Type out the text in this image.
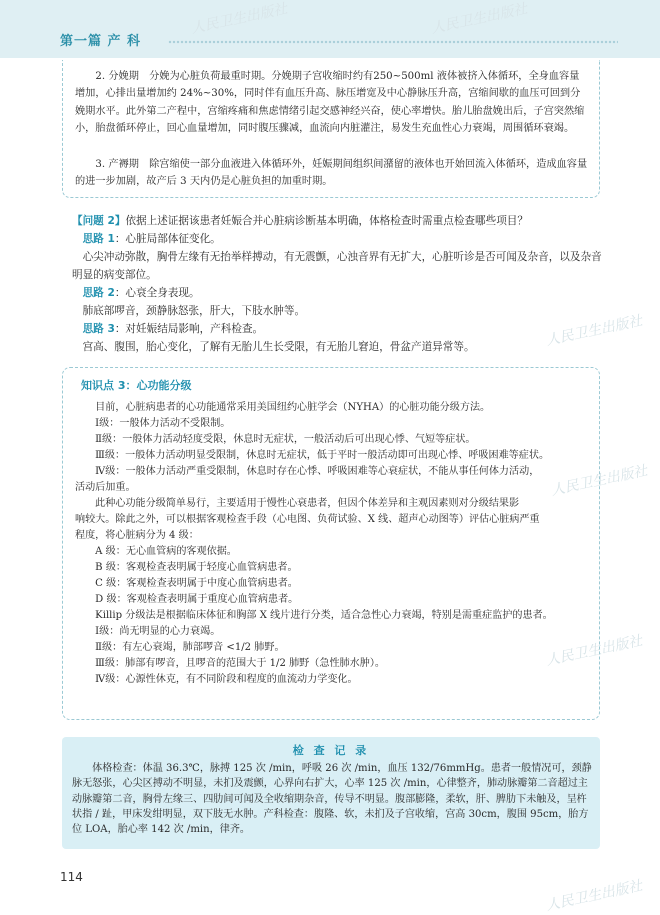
第一篇 产 科
人民卫生出版社	人民卫生出版社
人民卫生出版社
人民卫生出版社
人民卫生出版社
人民卫生出版社

2. 分娩期　分娩为心脏负荷最重时期。分娩期子宫收缩时约有250~500ml 液体被挤入体循环，全身血容量增加，心排出量增加约 24%~30%，同时伴有血压升高、脉压增宽及中心静脉压升高，宫缩间歇的血压可回到分娩期水平。此外第二产程中，宫缩疼痛和焦虑情绪引起交感神经兴奋，使心率增快。胎儿胎盘娩出后，子宫突然缩小，胎盘循环停止，回心血量增加，同时腹压骤减，血流向内脏灌注，易发生充血性心力衰竭，周围循环衰竭。

3. 产褥期　除宫缩使一部分血液进入体循环外，妊娠期间组织间潴留的液体也开始回流入体循环，造成血容量的进一步加剧，故产后 3 天内仍是心脏负担的加重时期。

【问题 2】依据上述证据该患者妊娠合并心脏病诊断基本明确，体格检查时需重点检查哪些项目？

思路 1：心脏局部体征变化。

心尖冲动弥散，胸骨左缘有无抬举样搏动，有无震颤，心浊音界有无扩大，心脏听诊是否可闻及杂音，以及杂音明显的病变部位。

思路 2：心衰全身表现。

肺底部啰音，颈静脉怒张，肝大，下肢水肿等。

思路 3：对妊娠结局影响，产科检查。

宫高、腹围，胎心变化，了解有无胎儿生长受限，有无胎儿窘迫，骨盆产道异常等。

知识点 3：心功能分级

　　目前，心脏病患者的心功能通常采用美国纽约心脏学会（NYHA）的心脏功能分级方法。

　　Ⅰ级：一般体力活动不受限制。

　　Ⅱ级：一般体力活动轻度受限，休息时无症状，一般活动后可出现心悸、气短等症状。

　　Ⅲ级：一般体力活动明显受限制，休息时无症状，低于平时一般活动即可出现心悸、呼吸困难等症状。

　　Ⅳ级：一般体力活动严重受限制，休息时存在心悸、呼吸困难等心衰症状，不能从事任何体力活动，

活动后加重。

　　此种心功能分级简单易行，主要适用于慢性心衰患者，但因个体差异和主观因素则对分级结果影

响较大。除此之外，可以根据客观检查手段（心电图、负荷试验、X 线、超声心动图等）评估心脏病严重

程度，将心脏病分为 4 级：

　　A 级：无心血管病的客观依据。

　　B 级：客观检查表明属于轻度心血管病患者。

　　C 级：客观检查表明属于中度心血管病患者。

　　D 级：客观检查表明属于重度心血管病患者。

　　Killip 分级法是根据临床体征和胸部 X 线片进行分类，适合急性心力衰竭，特别是需重症监护的患者。

　　Ⅰ级：尚无明显的心力衰竭。

　　Ⅱ级：有左心衰竭，肺部啰音 <1/2 肺野。

　　Ⅲ级：肺部有啰音，且啰音的范围大于 1/2 肺野（急性肺水肿）。

　　Ⅳ级：心源性休克，有不同阶段和程度的血流动力学变化。

检 查 记 录

　　体格检查：体温 36.3℃，脉搏 125 次 /min，呼吸 26 次 /min，血压 132/76mmHg。患者一般情况可，颈静脉无怒张，心尖区搏动不明显，未扪及震颤，心界向右扩大，心率 125 次 /min，心律整齐，肺动脉瓣第二音超过主动脉瓣第二音，胸骨左缘三、四肋间可闻及全收缩期杂音，传导不明显。腹部膨隆，柔软，肝、脾肋下未触及，呈杵状指 / 趾，甲床发绀明显，双下肢无水肿。产科检查：腹隆、软，未扪及子宫收缩，宫高 30cm，腹围 95cm，胎方位 LOA，胎心率 142 次 /min，律齐。

114
